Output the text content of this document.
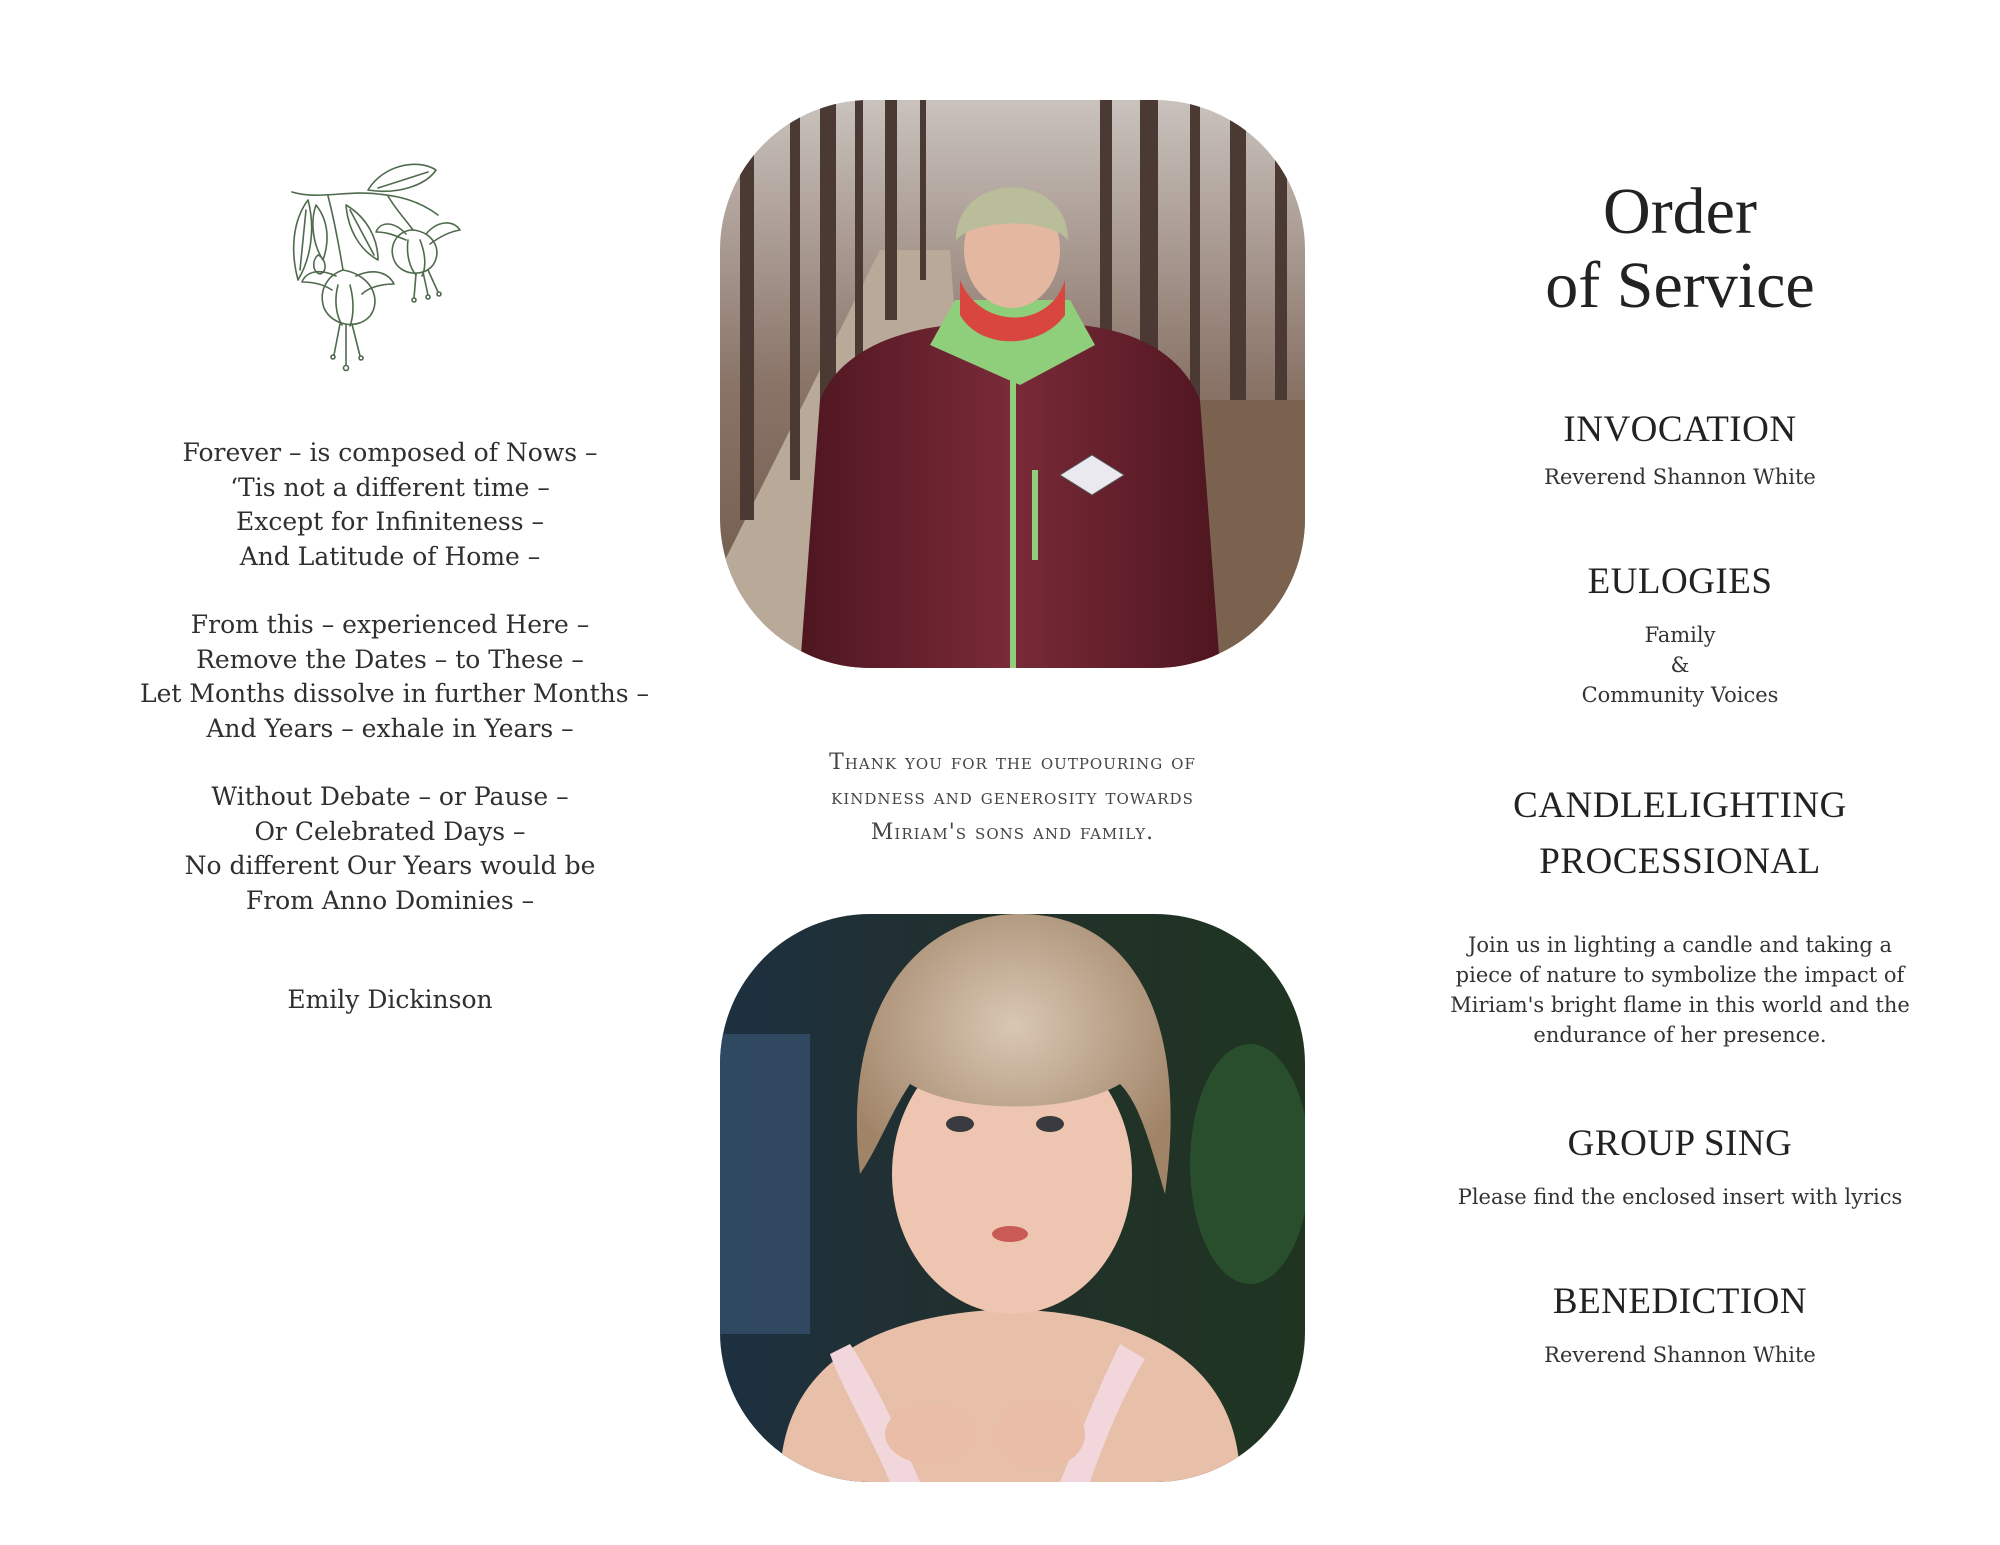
Forever – is composed of Nows –
‘Tis not a different time –
Except for Infiniteness –
And Latitude of Home –
From this – experienced Here –
Remove the Dates – to These –
Let Months dissolve in further Months –
And Years – exhale in Years –
Without Debate – or Pause –
Or Celebrated Days –
No different Our Years would be
From Anno Dominies –
Emily Dickinson
Thank you for the outpouring of
kindness and generosity towards
Miriam's sons and family.
Order
of Service
INVOCATION
Reverend Shannon White
EULOGIES
Family
&
Community Voices
CANDLELIGHTING
PROCESSIONAL
Join us in lighting a candle and taking a
piece of nature to symbolize the impact of
Miriam's bright flame in this world and the
endurance of her presence.
GROUP SING
Please find the enclosed insert with lyrics
BENEDICTION
Reverend Shannon White
